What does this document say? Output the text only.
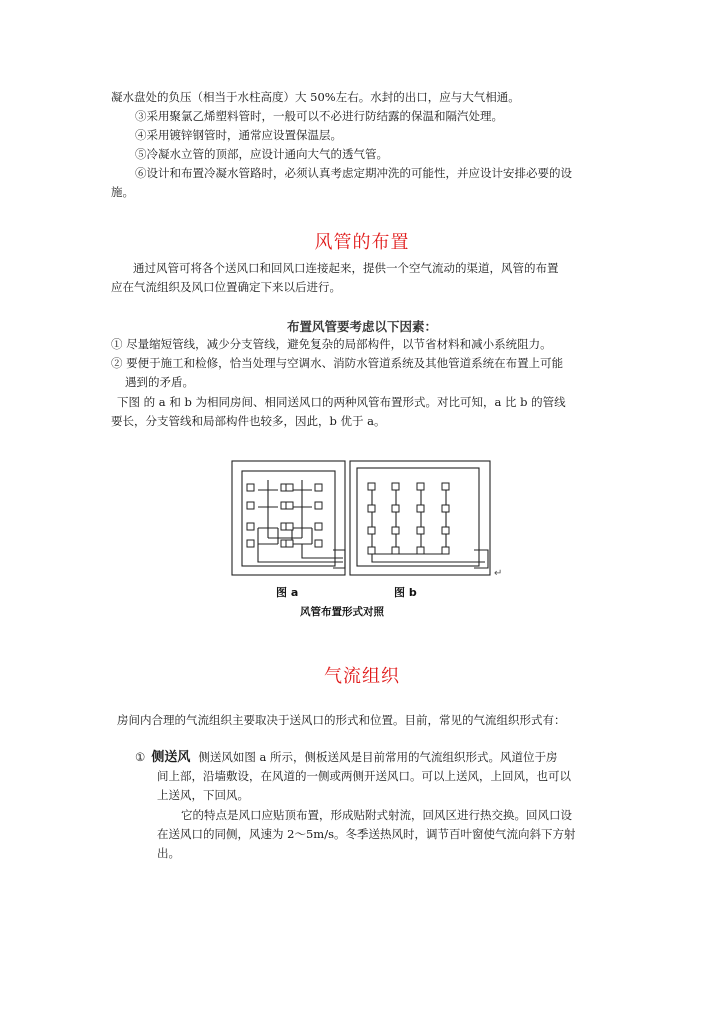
凝水盘处的负压（相当于水柱高度）大 50%左右。水封的出口，应与大气相通。
③采用聚氯乙烯塑料管时，一般可以不必进行防结露的保温和隔汽处理。
④采用镀锌钢管时，通常应设置保温层。
⑤冷凝水立管的顶部，应设计通向大气的透气管。
⑥设计和布置冷凝水管路时，必须认真考虑定期冲洗的可能性，并应设计安排必要的设
施。
风管的布置
通过风管可将各个送风口和回风口连接起来，提供一个空气流动的渠道，风管的布置
应在气流组织及风口位置确定下来以后进行。
布置风管要考虑以下因素：
① 尽量缩短管线，减少分支管线，避免复杂的局部构件，以节省材料和减小系统阻力。
② 要便于施工和检修，恰当处理与空调水、消防水管道系统及其他管道系统在布置上可能
遇到的矛盾。
下图 的 a 和 b 为相同房间、相同送风口的两种风管布置形式。对比可知，a 比 b 的管线
要长，分支管线和局部构件也较多，因此，b 优于 a。
↵
图 a	图 b
风管布置形式对照
气流组织
房间内合理的气流组织主要取决于送风口的形式和位置。目前，常见的气流组织形式有：
① 侧送风 侧送风如图 a 所示，侧板送风是目前常用的气流组织形式。风道位于房
间上部，沿墙敷设，在风道的一侧或两侧开送风口。可以上送风，上回风，也可以
上送风，下回风。
它的特点是风口应贴顶布置，形成贴附式射流，回风区进行热交换。回风口设
在送风口的同侧，风速为 2～5m/s。冬季送热风时，调节百叶窗使气流向斜下方射
出。
